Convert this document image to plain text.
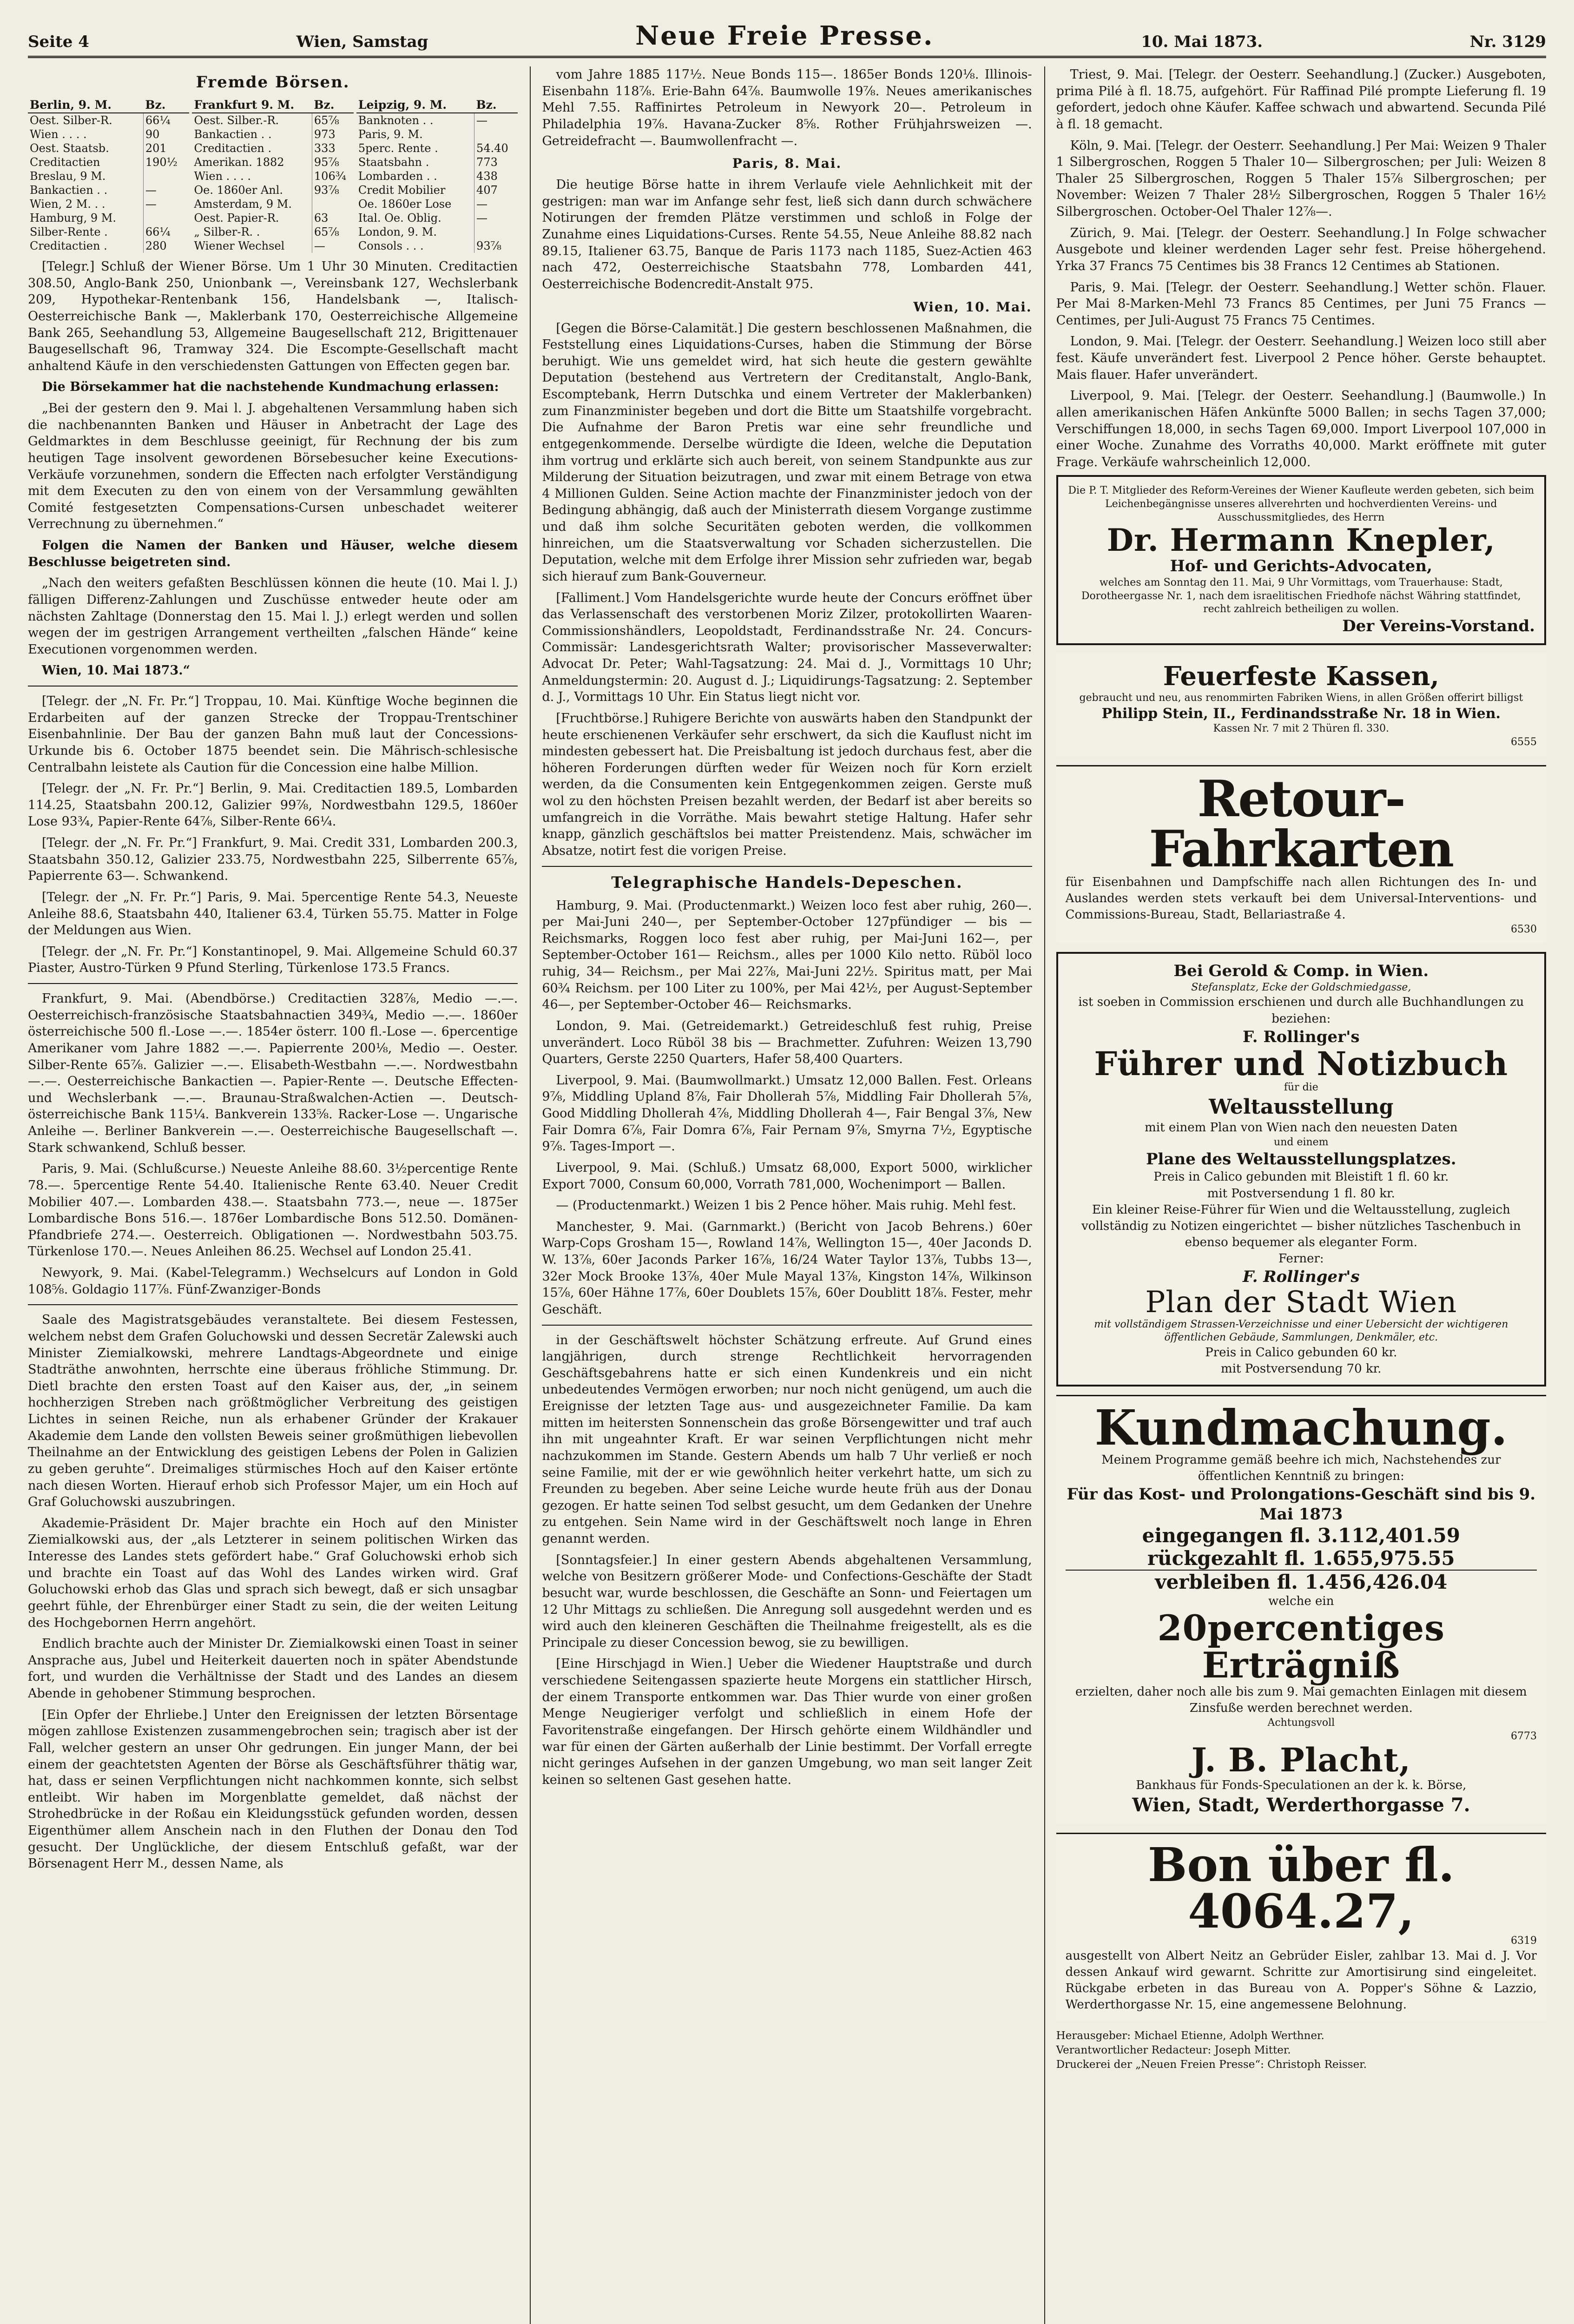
Seite 4	Wien, Samstag	Neue Freie Presse.	10. Mai 1873.	Nr. 3129
Fremde Börsen.
Berlin, 9. M.	Bz.
Oest. Silber-R.	66¼
Wien . . . .	90
Oest. Staatsb.	201
Creditactien	190½
Breslau, 9 M.	
Bankactien . .	—
Wien, 2 M. . .	—
Hamburg, 9 M.	
Silber-Rente .	66¼
Creditactien .	280
Frankfurt 9. M.	Bz.
Oest. Silber.-R.	65⅞
Bankactien . .	973
Creditactien .	333
Amerikan. 1882	95⅞
Wien . . . .	106¾
Oe. 1860er Anl.	93⅞
Amsterdam, 9 M.	
Oest. Papier-R.	63
„ Silber-R. .	65⅞
Wiener Wechsel	—
Leipzig, 9. M.	Bz.
Banknoten . .	—
Paris, 9. M.	
5perc. Rente .	54.40
Staatsbahn .	773
Lombarden . .	438
Credit Mobilier	407
Oe. 1860er Lose	—
Ital. Oe. Oblig.	—
London, 9. M.	
Consols . . .	93⅞

[Telegr.] Schluß der Wiener Börse. Um 1 Uhr 30 Minuten. Creditactien 308.50, Anglo-Bank 250, Unionbank —, Vereinsbank 127, Wechslerbank 209, Hypothekar-Rentenbank 156, Handelsbank —, Italisch-Oesterreichische Bank —, Maklerbank 170, Oesterreichische Allgemeine Bank 265, Seehandlung 53, Allgemeine Baugesellschaft 212, Brigittenauer Baugesellschaft 96, Tramway 324. Die Escompte-Gesellschaft macht anhaltend Käufe in den verschiedensten Gattungen von Effecten gegen bar.

Die Börsekammer hat die nachstehende Kundmachung erlassen:

„Bei der gestern den 9. Mai l. J. abgehaltenen Versammlung haben sich die nachbenannten Banken und Häuser in Anbetracht der Lage des Geldmarktes in dem Beschlusse geeinigt, für Rechnung der bis zum heutigen Tage insolvent gewordenen Börsebesucher keine Executions-Verkäufe vorzunehmen, sondern die Effecten nach erfolgter Verständigung mit dem Executen zu den von einem von der Versammlung gewählten Comité festgesetzten Compensations-Cursen unbeschadet weiterer Verrechnung zu übernehmen.“

Folgen die Namen der Banken und Häuser, welche diesem Beschlusse beigetreten sind.

„Nach den weiters gefaßten Beschlüssen können die heute (10. Mai l. J.) fälligen Differenz-Zahlungen und Zuschüsse entweder heute oder am nächsten Zahltage (Donnerstag den 15. Mai l. J.) erlegt werden und sollen wegen der im gestrigen Arrangement vertheilten „falschen Hände“ keine Executionen vorgenommen werden.

Wien, 10. Mai 1873.“

[Telegr. der „N. Fr. Pr.“] Troppau, 10. Mai. Künftige Woche beginnen die Erdarbeiten auf der ganzen Strecke der Troppau-Trentschiner Eisenbahnlinie. Der Bau der ganzen Bahn muß laut der Concessions-Urkunde bis 6. October 1875 beendet sein. Die Mährisch-schlesische Centralbahn leistete als Caution für die Concession eine halbe Million.

[Telegr. der „N. Fr. Pr.“] Berlin, 9. Mai. Creditactien 189.5, Lombarden 114.25, Staatsbahn 200.12, Galizier 99⅞, Nordwestbahn 129.5, 1860er Lose 93¾, Papier-Rente 64⅞, Silber-Rente 66¼.

[Telegr. der „N. Fr. Pr.“] Frankfurt, 9. Mai. Credit 331, Lombarden 200.3, Staatsbahn 350.12, Galizier 233.75, Nordwestbahn 225, Silberrente 65⅞, Papierrente 63—. Schwankend.

[Telegr. der „N. Fr. Pr.“] Paris, 9. Mai. 5percentige Rente 54.3, Neueste Anleihe 88.6, Staatsbahn 440, Italiener 63.4, Türken 55.75. Matter in Folge der Meldungen aus Wien.

[Telegr. der „N. Fr. Pr.“] Konstantinopel, 9. Mai. Allgemeine Schuld 60.37 Piaster, Austro-Türken 9 Pfund Sterling, Türkenlose 173.5 Francs.

Frankfurt, 9. Mai. (Abendbörse.) Creditactien 328⅞, Medio —.—. Oesterreichisch-französische Staatsbahnactien 349¾, Medio —.—. 1860er österreichische 500 fl.-Lose —.—. 1854er österr. 100 fl.-Lose —. 6percentige Amerikaner vom Jahre 1882 —.—. Papierrente 200⅛, Medio —. Oester. Silber-Rente 65⅞. Galizier —.—. Elisabeth-Westbahn —.—. Nordwestbahn —.—. Oesterreichische Bankactien —. Papier-Rente —. Deutsche Effecten- und Wechslerbank —.—. Braunau-Straßwalchen-Actien —. Deutsch-österreichische Bank 115¼. Bankverein 133⅝. Racker-Lose —. Ungarische Anleihe —. Berliner Bankverein —.—. Oesterreichische Baugesellschaft —. Stark schwankend, Schluß besser.

Paris, 9. Mai. (Schlußcurse.) Neueste Anleihe 88.60. 3½percentige Rente 78.—. 5percentige Rente 54.40. Italienische Rente 63.40. Neuer Credit Mobilier 407.—. Lombarden 438.—. Staatsbahn 773.—, neue —. 1875er Lombardische Bons 516.—. 1876er Lombardische Bons 512.50. Domänen-Pfandbriefe 274.—. Oesterreich. Obligationen —. Nordwestbahn 503.75. Türkenlose 170.—. Neues Anleihen 86.25. Wechsel auf London 25.41.

Newyork, 9. Mai. (Kabel-Telegramm.) Wechselcurs auf London in Gold 108⅝. Goldagio 117⅞. Fünf-Zwanziger-Bonds

Saale des Magistratsgebäudes veranstaltete. Bei diesem Festessen, welchem nebst dem Grafen Goluchowski und dessen Secretär Zalewski auch Minister Ziemialkowski, mehrere Landtags-Abgeordnete und einige Stadträthe anwohnten, herrschte eine überaus fröhliche Stimmung. Dr. Dietl brachte den ersten Toast auf den Kaiser aus, der, „in seinem hochherzigen Streben nach größtmöglicher Verbreitung des geistigen Lichtes in seinen Reiche, nun als erhabener Gründer der Krakauer Akademie dem Lande den vollsten Beweis seiner großmüthigen liebevollen Theilnahme an der Entwicklung des geistigen Lebens der Polen in Galizien zu geben geruhte“. Dreimaliges stürmisches Hoch auf den Kaiser ertönte nach diesen Worten. Hierauf erhob sich Professor Majer, um ein Hoch auf Graf Goluchowski auszubringen.

Akademie-Präsident Dr. Majer brachte ein Hoch auf den Minister Ziemialkowski aus, der „als Letzterer in seinem politischen Wirken das Interesse des Landes stets gefördert habe.“ Graf Goluchowski erhob sich und brachte ein Toast auf das Wohl des Landes wirken wird. Graf Goluchowski erhob das Glas und sprach sich bewegt, daß er sich unsagbar geehrt fühle, der Ehrenbürger einer Stadt zu sein, die der weiten Leitung des Hochgebornen Herrn angehört.

Endlich brachte auch der Minister Dr. Ziemialkowski einen Toast in seiner Ansprache aus, Jubel und Heiterkeit dauerten noch in später Abendstunde fort, und wurden die Verhältnisse der Stadt und des Landes an diesem Abende in gehobener Stimmung besprochen.

[Ein Opfer der Ehrliebe.] Unter den Ereignissen der letzten Börsentage mögen zahllose Existenzen zusammengebrochen sein; tragisch aber ist der Fall, welcher gestern an unser Ohr gedrungen. Ein junger Mann, der bei einem der geachtetsten Agenten der Börse als Geschäftsführer thätig war, hat, dass er seinen Verpflichtungen nicht nachkommen konnte, sich selbst entleibt. Wir haben im Morgenblatte gemeldet, daß nächst der Strohedbrücke in der Roßau ein Kleidungsstück gefunden worden, dessen Eigenthümer allem Anschein nach in den Fluthen der Donau den Tod gesucht. Der Unglückliche, der diesem Entschluß gefaßt, war der Börsenagent Herr M., dessen Name, als

vom Jahre 1885 117½. Neue Bonds 115—. 1865er Bonds 120⅛. Illinois-Eisenbahn 118⅞. Erie-Bahn 64⅞. Baumwolle 19⅞. Neues amerikanisches Mehl 7.55. Raffinirtes Petroleum in Newyork 20—. Petroleum in Philadelphia 19⅞. Havana-Zucker 8⅝. Rother Frühjahrsweizen —. Getreidefracht —. Baumwollenfracht —.

Paris, 8. Mai.

Die heutige Börse hatte in ihrem Verlaufe viele Aehnlichkeit mit der gestrigen: man war im Anfange sehr fest, ließ sich dann durch schwächere Notirungen der fremden Plätze verstimmen und schloß in Folge der Zunahme eines Liquidations-Curses. Rente 54.55, Neue Anleihe 88.82 nach 89.15, Italiener 63.75, Banque de Paris 1173 nach 1185, Suez-Actien 463 nach 472, Oesterreichische Staatsbahn 778, Lombarden 441, Oesterreichische Bodencredit-Anstalt 975.

Wien, 10. Mai.

[Gegen die Börse-Calamität.] Die gestern beschlossenen Maßnahmen, die Feststellung eines Liquidations-Curses, haben die Stimmung der Börse beruhigt. Wie uns gemeldet wird, hat sich heute die gestern gewählte Deputation (bestehend aus Vertretern der Creditanstalt, Anglo-Bank, Escomptebank, Herrn Dutschka und einem Vertreter der Maklerbanken) zum Finanzminister begeben und dort die Bitte um Staatshilfe vorgebracht. Die Aufnahme der Baron Pretis war eine sehr freundliche und entgegenkommende. Derselbe würdigte die Ideen, welche die Deputation ihm vortrug und erklärte sich auch bereit, von seinem Standpunkte aus zur Milderung der Situation beizutragen, und zwar mit einem Betrage von etwa 4 Millionen Gulden. Seine Action machte der Finanzminister jedoch von der Bedingung abhängig, daß auch der Ministerrath diesem Vorgange zustimme und daß ihm solche Securitäten geboten werden, die vollkommen hinreichen, um die Staatsverwaltung vor Schaden sicherzustellen. Die Deputation, welche mit dem Erfolge ihrer Mission sehr zufrieden war, begab sich hierauf zum Bank-Gouverneur.

[Falliment.] Vom Handelsgerichte wurde heute der Concurs eröffnet über das Verlassenschaft des verstorbenen Moriz Zilzer, protokollirten Waaren-Commissionshändlers, Leopoldstadt, Ferdinandsstraße Nr. 24. Concurs-Commissär: Landesgerichtsrath Walter; provisorischer Masseverwalter: Advocat Dr. Peter; Wahl-Tagsatzung: 24. Mai d. J., Vormittags 10 Uhr; Anmeldungstermin: 20. August d. J.; Liquidirungs-Tagsatzung: 2. September d. J., Vormittags 10 Uhr. Ein Status liegt nicht vor.

[Fruchtbörse.] Ruhigere Berichte von auswärts haben den Standpunkt der heute erschienenen Verkäufer sehr erschwert, da sich die Kauflust nicht im mindesten gebessert hat. Die Preisbaltung ist jedoch durchaus fest, aber die höheren Forderungen dürften weder für Weizen noch für Korn erzielt werden, da die Consumenten kein Entgegenkommen zeigen. Gerste muß wol zu den höchsten Preisen bezahlt werden, der Bedarf ist aber bereits so umfangreich in die Vorräthe. Mais bewahrt stetige Haltung. Hafer sehr knapp, gänzlich geschäftslos bei matter Preistendenz. Mais, schwächer im Absatze, notirt fest die vorigen Preise.

Telegraphische Handels-Depeschen.

Hamburg, 9. Mai. (Productenmarkt.) Weizen loco fest aber ruhig, 260—. per Mai-Juni 240—, per September-October 127pfündiger — bis — Reichsmarks, Roggen loco fest aber ruhig, per Mai-Juni 162—, per September-October 161— Reichsm., alles per 1000 Kilo netto. Rüböl loco ruhig, 34— Reichsm., per Mai 22⅞, Mai-Juni 22½. Spiritus matt, per Mai 60¾ Reichsm. per 100 Liter zu 100%, per Mai 42½, per August-September 46—, per September-October 46— Reichsmarks.

London, 9. Mai. (Getreidemarkt.) Getreideschluß fest ruhig, Preise unverändert. Loco Rüböl 38 bis — Brachmetter. Zufuhren: Weizen 13,790 Quarters, Gerste 2250 Quarters, Hafer 58,400 Quarters.

Liverpool, 9. Mai. (Baumwollmarkt.) Umsatz 12,000 Ballen. Fest. Orleans 9⅞, Middling Upland 8⅞, Fair Dhollerah 5⅞, Middling Fair Dhollerah 5⅞, Good Middling Dhollerah 4⅞, Middling Dhollerah 4—, Fair Bengal 3⅞, New Fair Domra 6⅞, Fair Domra 6⅞, Fair Pernam 9⅞, Smyrna 7½, Egyptische 9⅞. Tages-Import —.

Liverpool, 9. Mai. (Schluß.) Umsatz 68,000, Export 5000, wirklicher Export 7000, Consum 60,000, Vorrath 781,000, Wochenimport — Ballen.

— (Productenmarkt.) Weizen 1 bis 2 Pence höher. Mais ruhig. Mehl fest.

Manchester, 9. Mai. (Garnmarkt.) (Bericht von Jacob Behrens.) 60er Warp-Cops Grosham 15—, Rowland 14⅞, Wellington 15—, 40er Jaconds D. W. 13⅞, 60er Jaconds Parker 16⅞, 16/24 Water Taylor 13⅞, Tubbs 13—, 32er Mock Brooke 13⅞, 40er Mule Mayal 13⅞, Kingston 14⅞, Wilkinson 15⅞, 60er Hähne 17⅞, 60er Doublets 15⅞, 60er Doublitt 18⅞. Fester, mehr Geschäft.

in der Geschäftswelt höchster Schätzung erfreute. Auf Grund eines langjährigen, durch strenge Rechtlichkeit hervorragenden Geschäftsgebahrens hatte er sich einen Kundenkreis und ein nicht unbedeutendes Vermögen erworben; nur noch nicht genügend, um auch die Ereignisse der letzten Tage aus- und ausgezeichneter Familie. Da kam mitten im heitersten Sonnenschein das große Börsengewitter und traf auch ihn mit ungeahnter Kraft. Er war seinen Verpflichtungen nicht mehr nachzukommen im Stande. Gestern Abends um halb 7 Uhr verließ er noch seine Familie, mit der er wie gewöhnlich heiter verkehrt hatte, um sich zu Freunden zu begeben. Aber seine Leiche wurde heute früh aus der Donau gezogen. Er hatte seinen Tod selbst gesucht, um dem Gedanken der Unehre zu entgehen. Sein Name wird in der Geschäftswelt noch lange in Ehren genannt werden.

[Sonntagsfeier.] In einer gestern Abends abgehaltenen Versammlung, welche von Besitzern größerer Mode- und Confections-Geschäfte der Stadt besucht war, wurde beschlossen, die Geschäfte an Sonn- und Feiertagen um 12 Uhr Mittags zu schließen. Die Anregung soll ausgedehnt werden und es wird auch den kleineren Geschäften die Theilnahme freigestellt, als es die Principale zu dieser Concession bewog, sie zu bewilligen.

[Eine Hirschjagd in Wien.] Ueber die Wiedener Hauptstraße und durch verschiedene Seitengassen spazierte heute Morgens ein stattlicher Hirsch, der einem Transporte entkommen war. Das Thier wurde von einer großen Menge Neugieriger verfolgt und schließlich in einem Hofe der Favoritenstraße eingefangen. Der Hirsch gehörte einem Wildhändler und war für einen der Gärten außerhalb der Linie bestimmt. Der Vorfall erregte nicht geringes Aufsehen in der ganzen Umgebung, wo man seit langer Zeit keinen so seltenen Gast gesehen hatte.

Triest, 9. Mai. [Telegr. der Oesterr. Seehandlung.] (Zucker.) Ausgeboten, prima Pilé à fl. 18.75, aufgehört. Für Raffinad Pilé prompte Lieferung fl. 19 gefordert, jedoch ohne Käufer. Kaffee schwach und abwartend. Secunda Pilé à fl. 18 gemacht.

Köln, 9. Mai. [Telegr. der Oesterr. Seehandlung.] Per Mai: Weizen 9 Thaler 1 Silbergroschen, Roggen 5 Thaler 10— Silbergroschen; per Juli: Weizen 8 Thaler 25 Silbergroschen, Roggen 5 Thaler 15⅞ Silbergroschen; per November: Weizen 7 Thaler 28½ Silbergroschen, Roggen 5 Thaler 16½ Silbergroschen. October-Oel Thaler 12⅞—.

Zürich, 9. Mai. [Telegr. der Oesterr. Seehandlung.] In Folge schwacher Ausgebote und kleiner werdenden Lager sehr fest. Preise höhergehend. Yrka 37 Francs 75 Centimes bis 38 Francs 12 Centimes ab Stationen.

Paris, 9. Mai. [Telegr. der Oesterr. Seehandlung.] Wetter schön. Flauer. Per Mai 8-Marken-Mehl 73 Francs 85 Centimes, per Juni 75 Francs — Centimes, per Juli-August 75 Francs 75 Centimes.

London, 9. Mai. [Telegr. der Oesterr. Seehandlung.] Weizen loco still aber fest. Käufe unverändert fest. Liverpool 2 Pence höher. Gerste behauptet. Mais flauer. Hafer unverändert.

Liverpool, 9. Mai. [Telegr. der Oesterr. Seehandlung.] (Baumwolle.) In allen amerikanischen Häfen Ankünfte 5000 Ballen; in sechs Tagen 37,000; Verschiffungen 18,000, in sechs Tagen 69,000. Import Liverpool 107,000 in einer Woche. Zunahme des Vorraths 40,000. Markt eröffnete mit guter Frage. Verkäufe wahrscheinlich 12,000.

Die P. T. Mitglieder des Reform-Vereines der Wiener Kaufleute werden gebeten, sich beim Leichenbegängnisse unseres allverehrten und hochverdienten Vereins- und Ausschussmitgliedes, des Herrn
Dr. Hermann Knepler,
Hof- und Gerichts-Advocaten,
welches am Sonntag den 11. Mai, 9 Uhr Vormittags, vom Trauerhause: Stadt, Dorotheergasse Nr. 1, nach dem israelitischen Friedhofe nächst Währing stattfindet, recht zahlreich betheiligen zu wollen.
Der Vereins-Vorstand.
Feuerfeste Kassen,
gebraucht und neu, aus renommirten Fabriken Wiens, in allen Größen offerirt billigst
Philipp Stein, II., Ferdinandsstraße Nr. 18 in Wien.
Kassen Nr. 7 mit 2 Thüren fl. 330.
6555
Retour-Fahrkarten
für Eisenbahnen und Dampfschiffe nach allen Richtungen des In- und Auslandes werden stets verkauft bei dem Universal-Interventions- und Commissions-Bureau, Stadt, Bellariastraße 4.
6530
Bei Gerold & Comp. in Wien.
Stefansplatz, Ecke der Goldschmiedgasse,
ist soeben in Commission erschienen und durch alle Buchhandlungen zu beziehen:
F. Rollinger's
Führer und Notizbuch
für die
Weltausstellung
mit einem Plan von Wien nach den neuesten Daten
und einem
Plane des Weltausstellungsplatzes.
Preis in Calico gebunden mit Bleistift 1 fl. 60 kr.
mit Postversendung 1 fl. 80 kr.
Ein kleiner Reise-Führer für Wien und die Weltausstellung, zugleich vollständig zu Notizen eingerichtet — bisher nützliches Taschenbuch in ebenso bequemer als eleganter Form.
Ferner:
F. Rollinger's
Plan der Stadt Wien
mit vollständigem Strassen-Verzeichnisse und einer Uebersicht der wichtigeren öffentlichen Gebäude, Sammlungen, Denkmäler, etc.
Preis in Calico gebunden 60 kr.
mit Postversendung 70 kr.
Kundmachung.
Meinem Programme gemäß beehre ich mich, Nachstehendes zur öffentlichen Kenntniß zu bringen:
Für das Kost- und Prolongations-Geschäft sind bis 9. Mai 1873
eingegangen fl. 3.112,401.59
rückgezahlt fl. 1.655,975.55
verbleiben fl. 1.456,426.04
welche ein
20percentiges Erträgniß
erzielten, daher noch alle bis zum 9. Mai gemachten Einlagen mit diesem Zinsfuße werden berechnet werden.
Achtungsvoll
6773
J. B. Placht,
Bankhaus für Fonds-Speculationen an der k. k. Börse,
Wien, Stadt, Werderthorgasse 7.
Bon über fl. 4064.27,
6319
ausgestellt von Albert Neitz an Gebrüder Eisler, zahlbar 13. Mai d. J. Vor dessen Ankauf wird gewarnt. Schritte zur Amortisirung sind eingeleitet. Rückgabe erbeten in das Bureau von A. Popper's Söhne & Lazzio, Werderthorgasse Nr. 15, eine angemessene Belohnung.
Herausgeber: Michael Etienne, Adolph Werthner.
Verantwortlicher Redacteur: Joseph Mitter.
Druckerei der „Neuen Freien Presse“: Christoph Reisser.
